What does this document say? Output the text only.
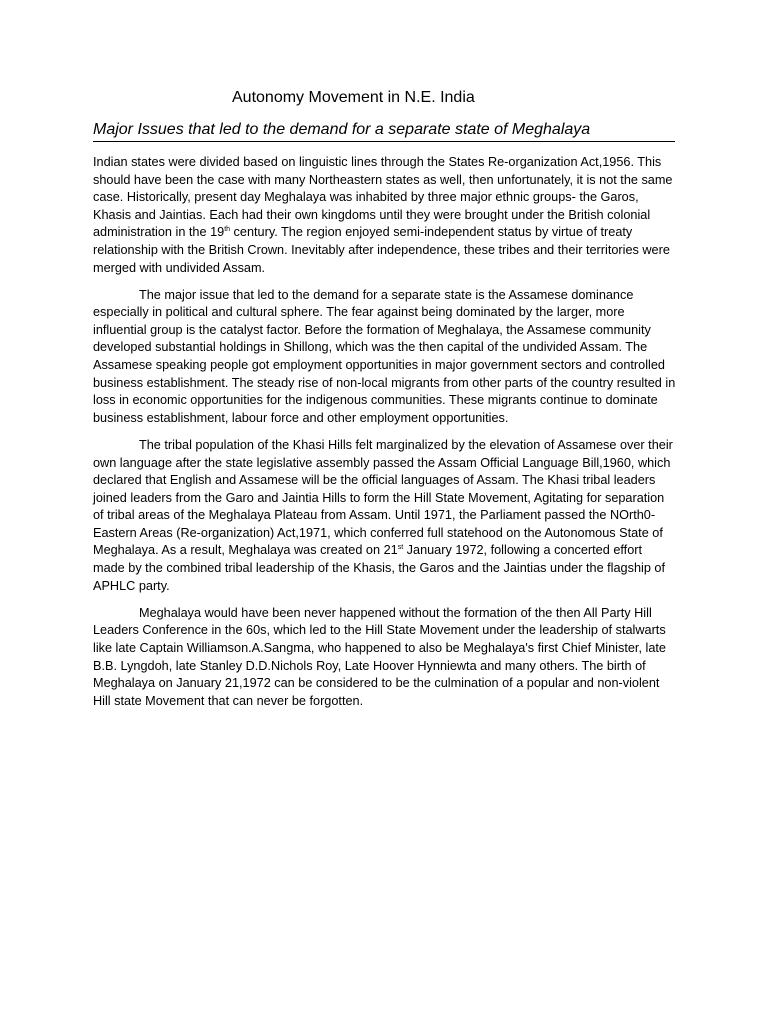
Autonomy Movement in N.E. India
Major Issues that led to the demand for a separate state of Meghalaya

Indian states were divided based on linguistic lines through the States Re-organization Act,1956. This should have been the case with many Northeastern states as well, then unfortunately, it is not the same case. Historically, present day Meghalaya was inhabited by three major ethnic groups- the Garos, Khasis and Jaintias. Each had their own kingdoms until they were brought under the British colonial administration in the 19th century. The region enjoyed semi-independent status by virtue of treaty relationship with the British Crown. Inevitably after independence, these tribes and their territories were merged with undivided Assam.

The major issue that led to the demand for a separate state is the Assamese dominance especially in political and cultural sphere. The fear against being dominated by the larger, more influential group is the catalyst factor. Before the formation of Meghalaya, the Assamese community developed substantial holdings in Shillong, which was the then capital of the undivided Assam. The Assamese speaking people got employment opportunities in major government sectors and controlled business establishment. The steady rise of non-local migrants from other parts of the country resulted in loss in economic opportunities for the indigenous communities. These migrants continue to dominate business establishment, labour force and other employment opportunities.

The tribal population of the Khasi Hills felt marginalized by the elevation of Assamese over their own language after the state legislative assembly passed the Assam Official Language Bill,1960, which declared that English and Assamese will be the official languages of Assam. The Khasi tribal leaders joined leaders from the Garo and Jaintia Hills to form the Hill State Movement, Agitating for separation of tribal areas of the Meghalaya Plateau from Assam. Until 1971, the Parliament passed the NOrth0-Eastern Areas (Re-organization) Act,1971, which conferred full statehood on the Autonomous State of Meghalaya. As a result, Meghalaya was created on 21st January 1972, following a concerted effort made by the combined tribal leadership of the Khasis, the Garos and the Jaintias under the flagship of APHLC party.

Meghalaya would have been never happened without the formation of the then All Party Hill Leaders Conference in the 60s, which led to the Hill State Movement under the leadership of stalwarts like late Captain Williamson.A.Sangma, who happened to also be Meghalaya's first Chief Minister, late B.B. Lyngdoh, late Stanley D.D.Nichols Roy, Late Hoover Hynniewta and many others. The birth of Meghalaya on January 21,1972 can be considered to be the culmination of a popular and non-violent Hill state Movement that can never be forgotten.
